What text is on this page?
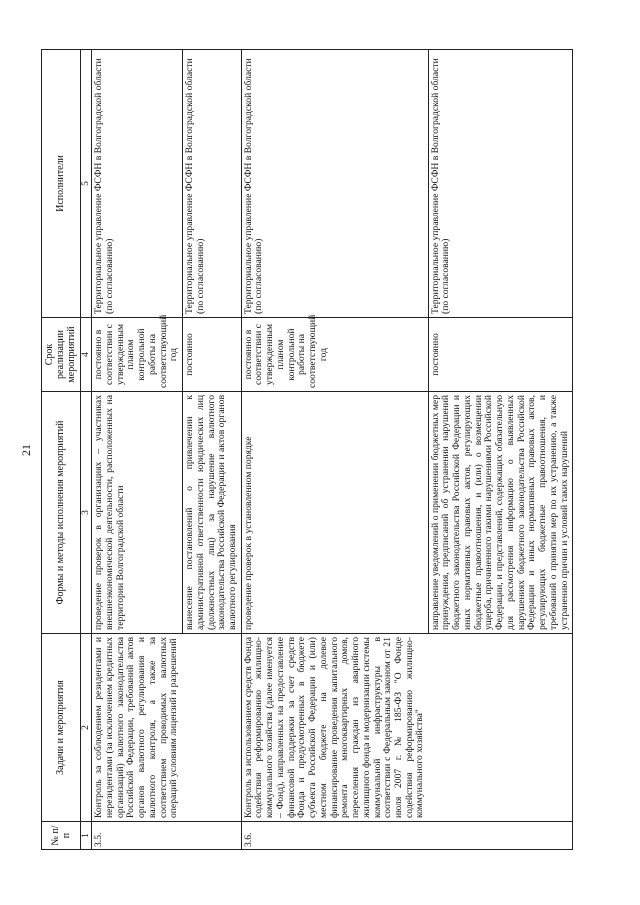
21
№ п/п	Задачи и мероприятия	Формы и методы исполнения мероприятий	Срок реализации мероприятий	Исполнители
1	2	3	4	5
3.5.	Контроль за соблюдением резидентами и нерезидентами (за исключением кредитных организаций) валютного законодательства Российской Федерации, требований актов органов валютного регулирования и валютного контроля, а также за соответствием проводимых валютных операций условиям лицензий и разрешений	проведение проверок в организациях – участниках внешнеэкономической деятельности, расположенных на территории Волгоградской области	постоянно в соответствии с утвержденным планом контрольной работы на соответствующий год	Территориальное управление ФСФН в Волгоградской области (по согласованию)
		вынесение постановлений о привлечении к административной ответственности юридических лиц (должностных лиц) за нарушение валютного законодательства Российской Федерации и актов органов валютного регулирования	постоянно	Территориальное управление ФСФН в Волгоградской области (по согласованию)
3.6.	Контроль за использованием средств Фонда содействия реформированию жилищно-коммунального хозяйства (далее именуется – Фонд), направленных на предоставление финансовой поддержки за счет средств Фонда и предусмотренных в бюджете субъекта Российской Федерации и (или) местном бюджете на долевое финансирование проведения капитального ремонта многоквартирных домов, переселения граждан из аварийного жилищного фонда и модернизации системы коммунальной инфраструктуры в соответствии с Федеральным законом от 21 июля 2007 г. № 185-ФЗ "О Фонде содействия реформированию жилищно-коммунального хозяйства"	проведение проверок в установленном порядке	постоянно в соответствии с утвержденным планом контрольной работы на соответствующий год	Территориальное управление ФСФН в Волгоградской области (по согласованию)
		направление уведомлений о применении бюджетных мер принуждения, предписаний об устранении нарушений бюджетного законодательства Российской Федерации и иных нормативных правовых актов, регулирующих бюджетные правоотношения, и (или) о возмещении ущерба, причиненного такими нарушениями Российской Федерации, и представлений, содержащих обязательную для рассмотрения информацию о выявленных нарушениях бюджетного законодательства Российской Федерации и иных нормативных правовых актов, регулирующих бюджетные правоотношения, и требований о принятии мер по их устранению, а также устранению причин и условий таких нарушений	постоянно	Территориальное управление ФСФН в Волгоградской области (по согласованию)
